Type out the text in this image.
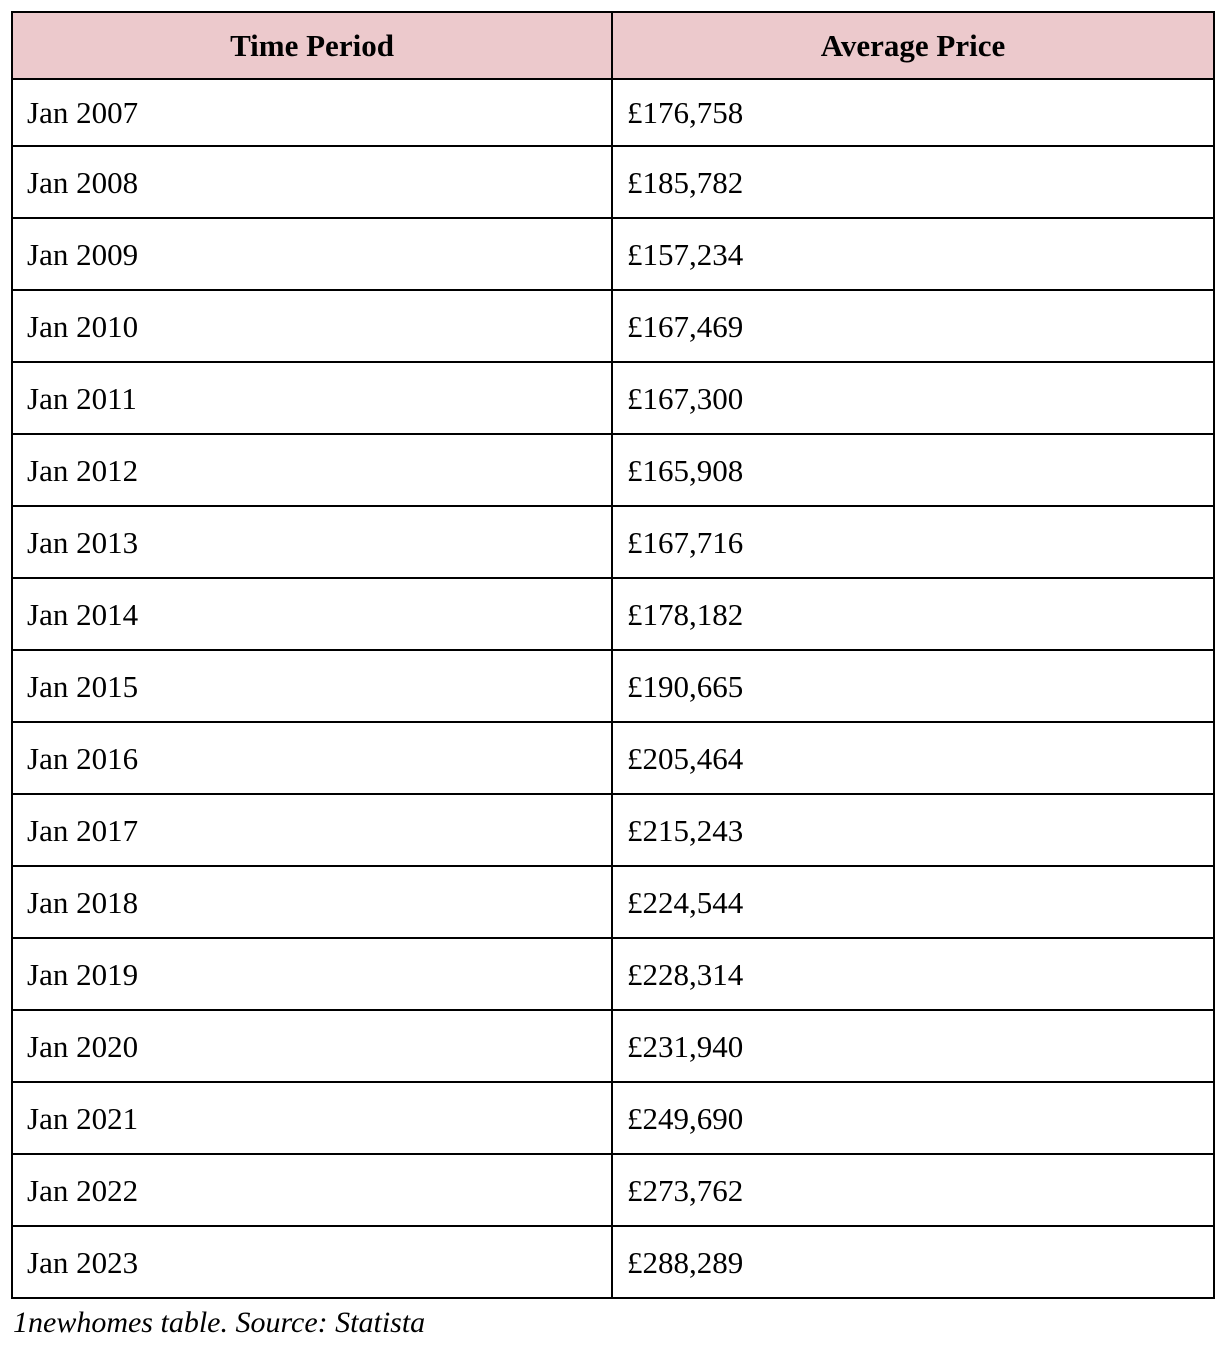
Time Period	Average Price
Jan 2007	£176,758
Jan 2008	£185,782
Jan 2009	£157,234
Jan 2010	£167,469
Jan 2011	£167,300
Jan 2012	£165,908
Jan 2013	£167,716
Jan 2014	£178,182
Jan 2015	£190,665
Jan 2016	£205,464
Jan 2017	£215,243
Jan 2018	£224,544
Jan 2019	£228,314
Jan 2020	£231,940
Jan 2021	£249,690
Jan 2022	£273,762
Jan 2023	£288,289
1newhomes table. Source: Statista
